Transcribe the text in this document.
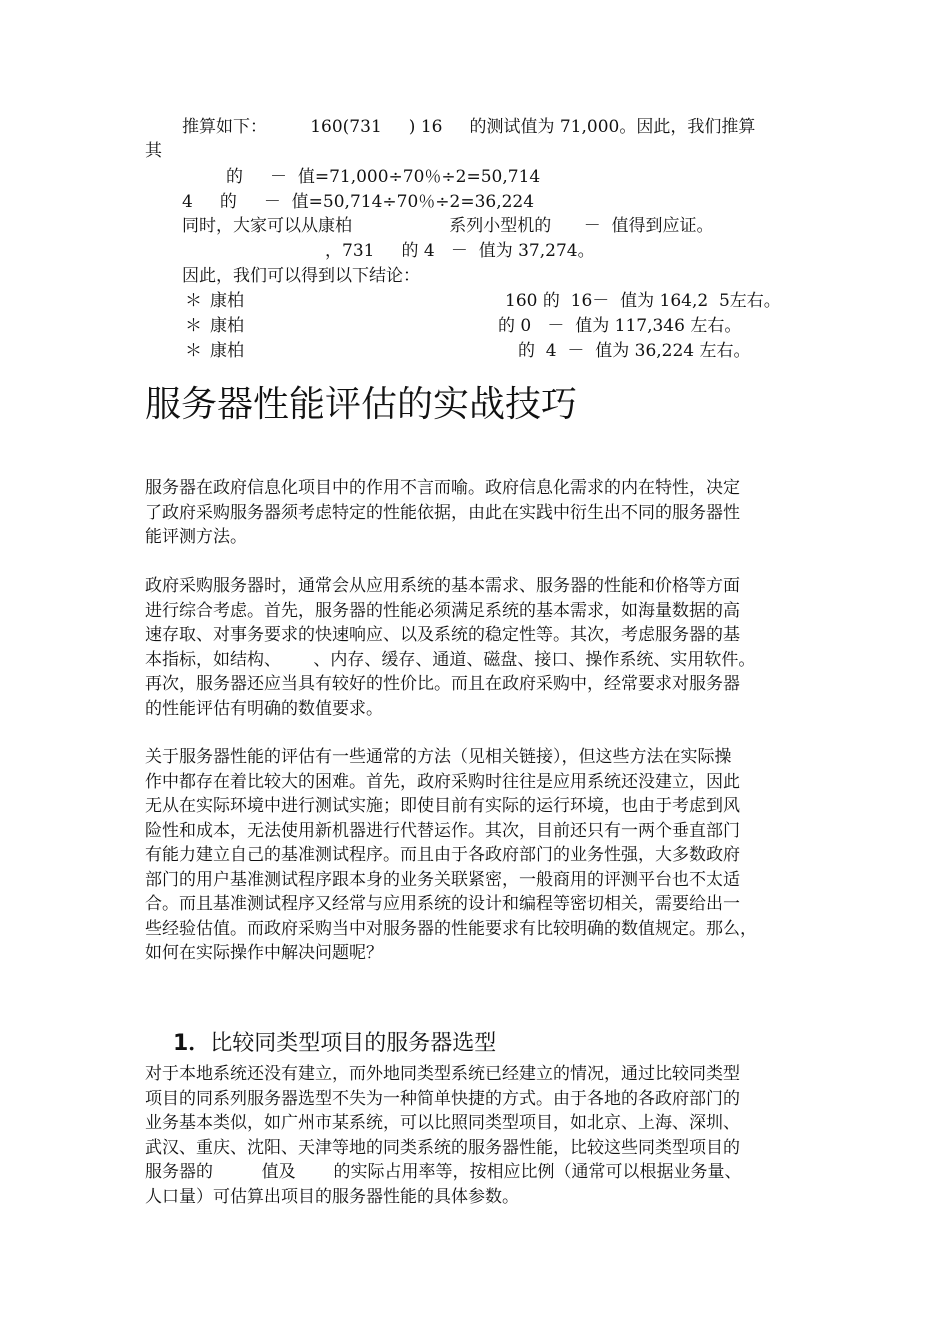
推算如下：        160(731     ) 16     的测试值为 71,000。因此，我们推算
其
的     －  值=71,000÷70％÷2=50,714
4     的     －  值=50,714÷70％÷2=36,224
同时，大家可以从康柏                  系列小型机的      －  值得到应证。
，731     的 4   －  值为 37,274。
因此，我们可以得到以下结论：
＊ 康柏	160 的  16－  值为 164,2  5左右。
＊ 康柏	的 0   －  值为 117,346 左右。
＊ 康柏	的  4  －  值为 36,224 左右。
服务器性能评估的实战技巧
服务器在政府信息化项目中的作用不言而喻。政府信息化需求的内在特性，决定
了政府采购服务器须考虑特定的性能依据，由此在实践中衍生出不同的服务器性
能评测方法。
政府采购服务器时，通常会从应用系统的基本需求、服务器的性能和价格等方面
进行综合考虑。首先，服务器的性能必须满足系统的基本需求，如海量数据的高
速存取、对事务要求的快速响应、以及系统的稳定性等。其次，考虑服务器的基
本指标，如结构、      、内存、缓存、通道、磁盘、接口、操作系统、实用软件。
再次，服务器还应当具有较好的性价比。而且在政府采购中，经常要求对服务器
的性能评估有明确的数值要求。
关于服务器性能的评估有一些通常的方法（见相关链接），但这些方法在实际操
作中都存在着比较大的困难。首先，政府采购时往往是应用系统还没建立，因此
无从在实际环境中进行测试实施；即使目前有实际的运行环境，也由于考虑到风
险性和成本，无法使用新机器进行代替运作。其次，目前还只有一两个垂直部门
有能力建立自己的基准测试程序。而且由于各政府部门的业务性强，大多数政府
部门的用户基准测试程序跟本身的业务关联紧密，一般商用的评测平台也不太适
合。而且基准测试程序又经常与应用系统的设计和编程等密切相关，需要给出一
些经验估值。而政府采购当中对服务器的性能要求有比较明确的数值规定。那么，
如何在实际操作中解决问题呢？

1．比较同类型项目的服务器选型

对于本地系统还没有建立，而外地同类型系统已经建立的情况，通过比较同类型
项目的同系列服务器选型不失为一种简单快捷的方式。由于各地的各政府部门的
业务基本类似，如广州市某系统，可以比照同类型项目，如北京、上海、深圳、
武汉、重庆、沈阳、天津等地的同类系统的服务器性能，比较这些同类型项目的
服务器的         值及       的实际占用率等，按相应比例（通常可以根据业务量、
人口量）可估算出项目的服务器性能的具体参数。
